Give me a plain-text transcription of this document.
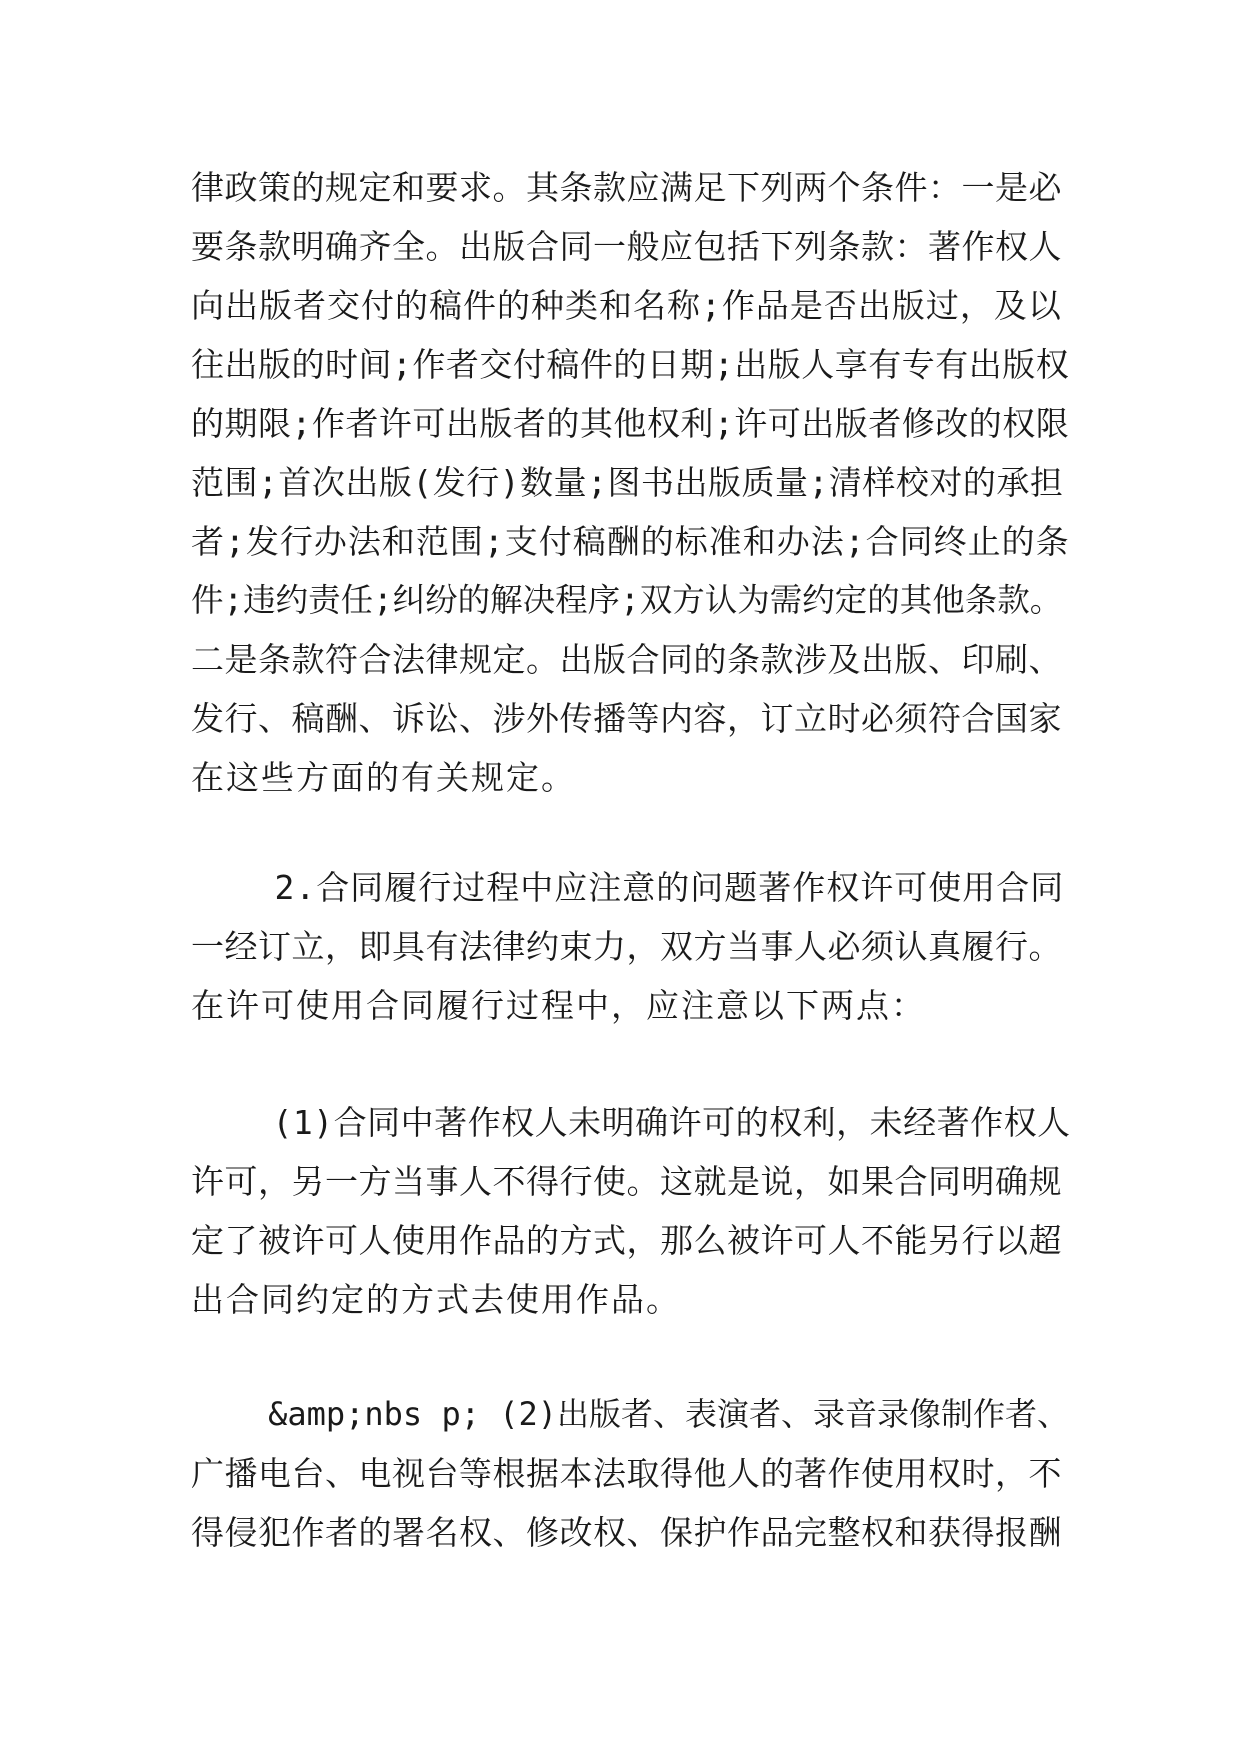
律政策的规定和要求。其条款应满足下列两个条件：一是必
要条款明确齐全。出版合同一般应包括下列条款：著作权人
向出版者交付的稿件的种类和名称;作品是否出版过，及以
往出版的时间;作者交付稿件的日期;出版人享有专有出版权
的期限;作者许可出版者的其他权利;许可出版者修改的权限
范围;首次出版(发行)数量;图书出版质量;清样校对的承担
者;发行办法和范围;支付稿酬的标准和办法;合同终止的条
件;违约责任;纠纷的解决程序;双方认为需约定的其他条款。
二是条款符合法律规定。出版合同的条款涉及出版、印刷、
发行、稿酬、诉讼、涉外传播等内容，订立时必须符合国家
在这些方面的有关规定。
2.合同履行过程中应注意的问题著作权许可使用合同
一经订立，即具有法律约束力，双方当事人必须认真履行。
在许可使用合同履行过程中，应注意以下两点：
(1)合同中著作权人未明确许可的权利，未经著作权人
许可，另一方当事人不得行使。这就是说，如果合同明确规
定了被许可人使用作品的方式，那么被许可人不能另行以超
出合同约定的方式去使用作品。
&amp;nbs p; (2)出版者、表演者、录音录像制作者、
广播电台、电视台等根据本法取得他人的著作使用权时，不
得侵犯作者的署名权、修改权、保护作品完整权和获得报酬
